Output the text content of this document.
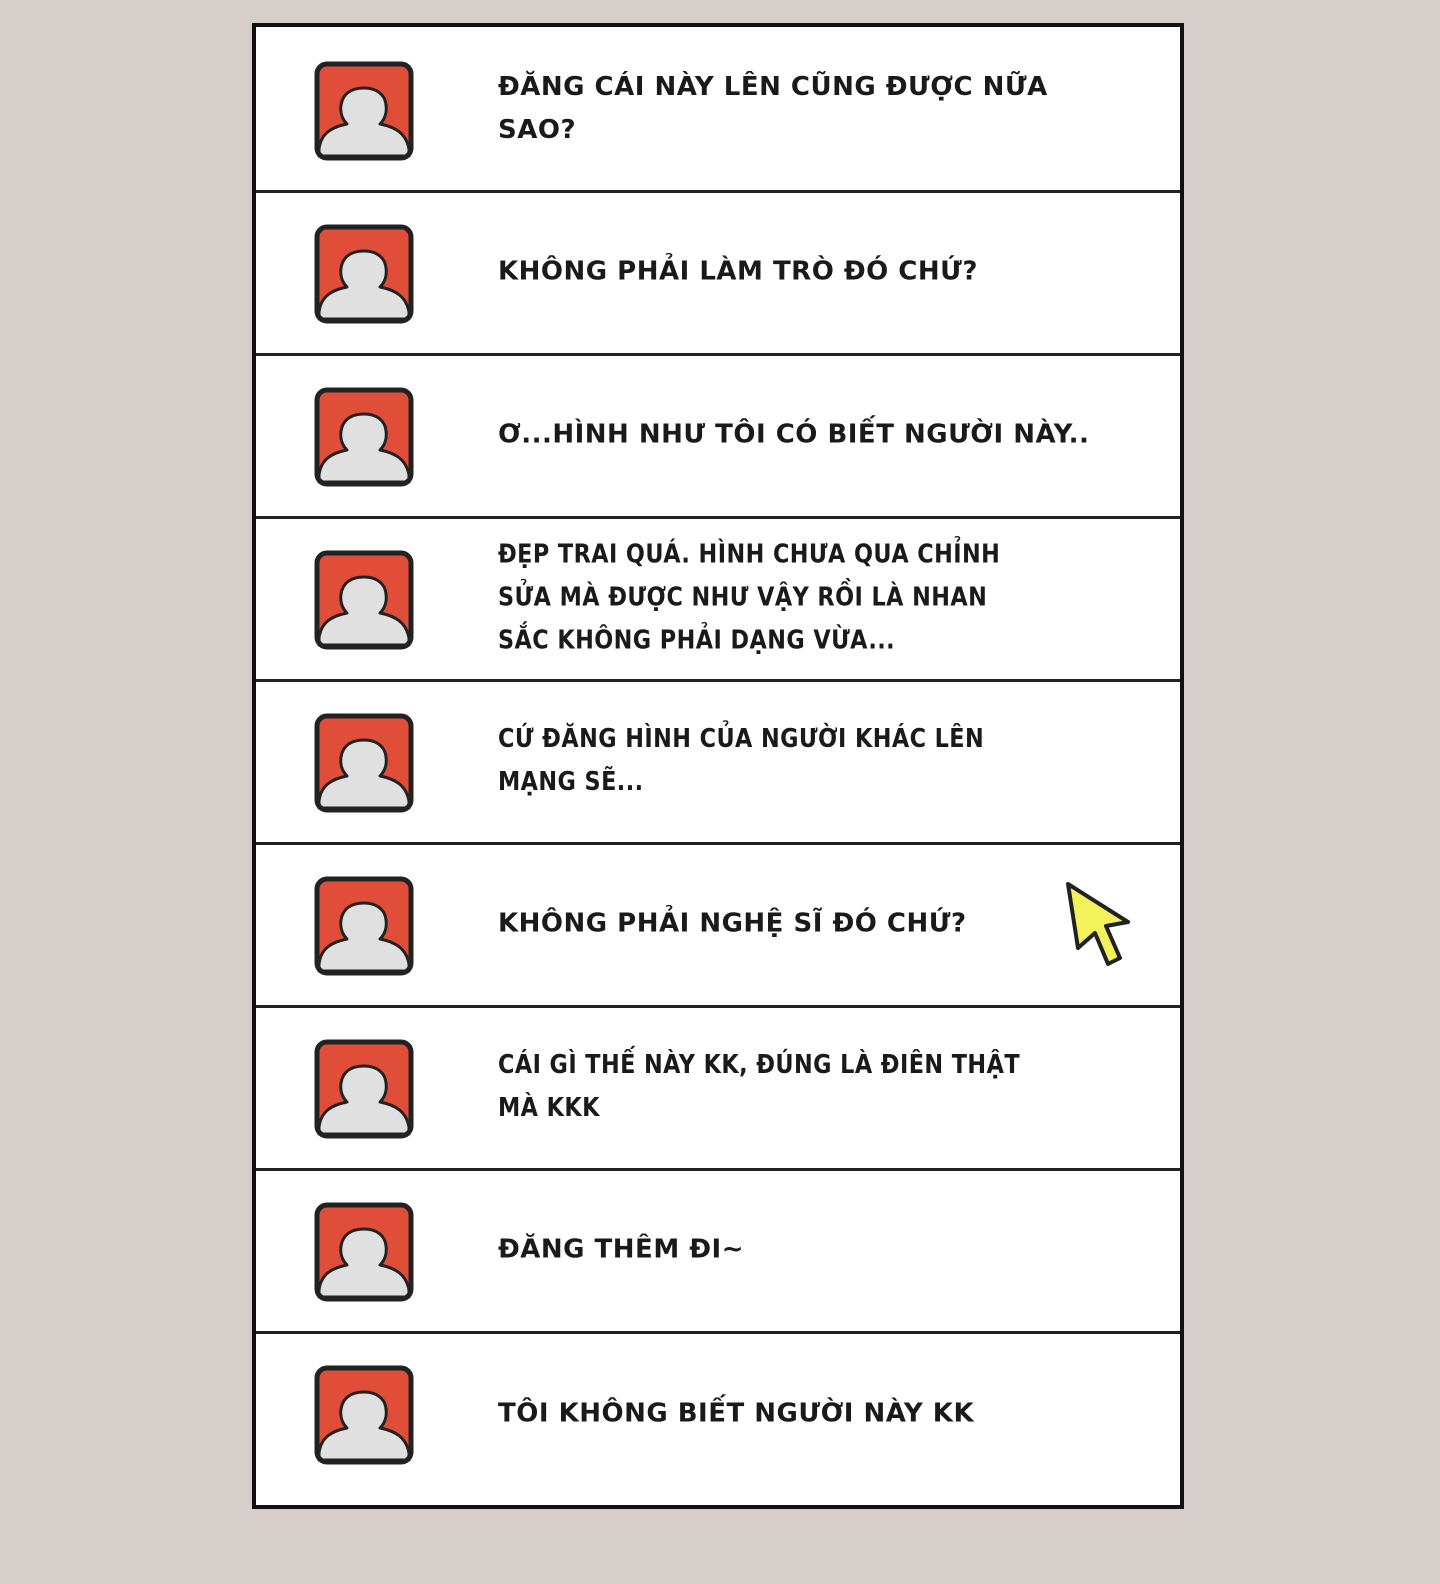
ĐĂNG CÁI NÀY LÊN CŨNG ĐƯỢC NỮA SAO?
KHÔNG PHẢI LÀM TRÒ ĐÓ CHỨ?
Ơ...HÌNH NHƯ TÔI CÓ BIẾT NGƯỜI NÀY..
ĐẸP TRAI QUÁ. HÌNH CHƯA QUA CHỈNH
SỬA MÀ ĐƯỢC NHƯ VẬY RỒI LÀ NHAN
SẮC KHÔNG PHẢI DẠNG VỪA...
CỨ ĐĂNG HÌNH CỦA NGƯỜI KHÁC LÊN MẠNG SẼ...
KHÔNG PHẢI NGHỆ SĨ ĐÓ CHỨ?
CÁI GÌ THẾ NÀY KK, ĐÚNG LÀ ĐIÊN THẬT MÀ KKK
ĐĂNG THÊM ĐI~
TÔI KHÔNG BIẾT NGƯỜI NÀY KK
